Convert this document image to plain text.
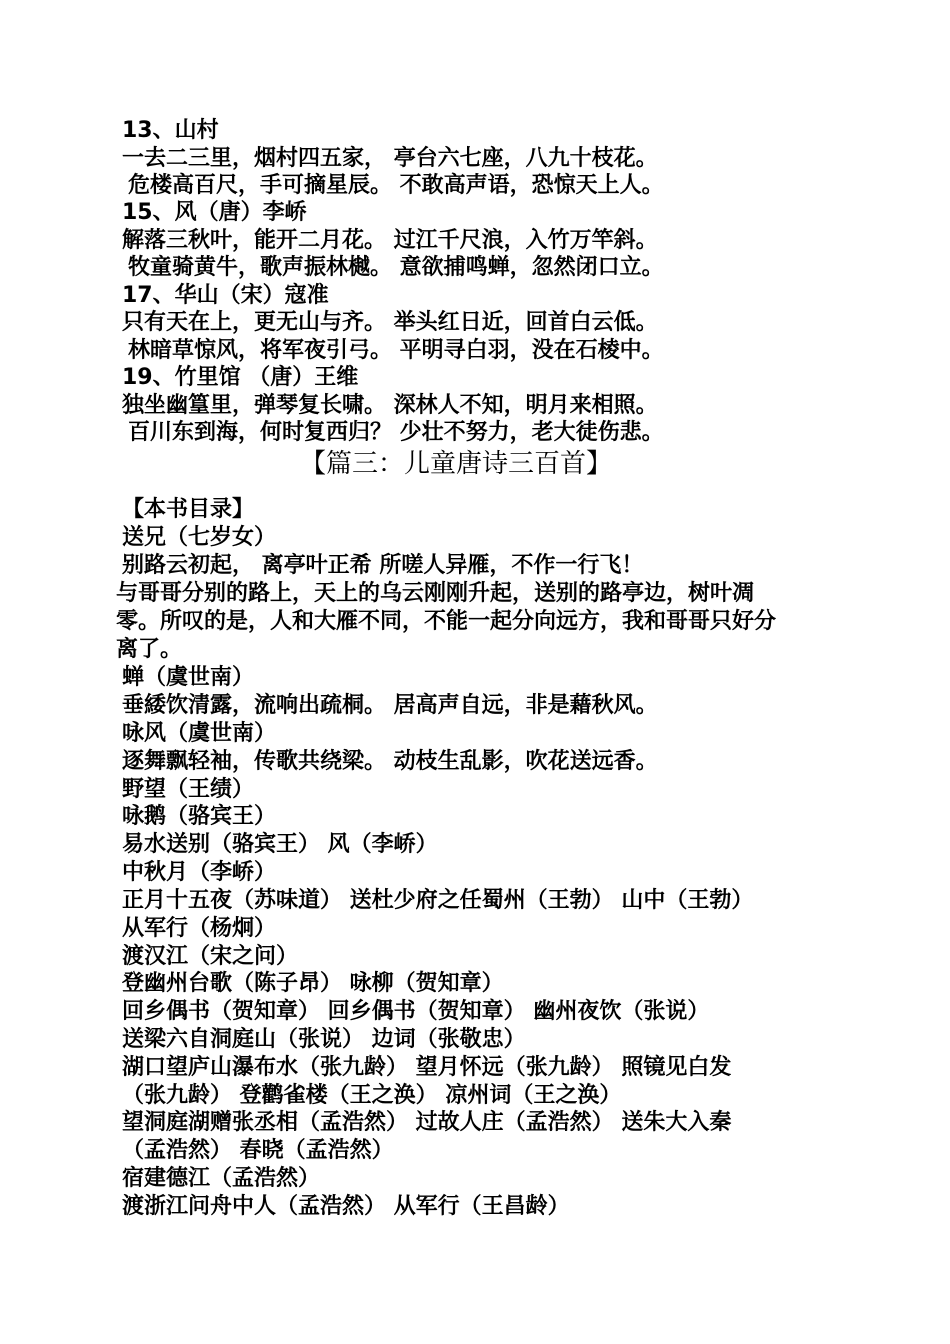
13、山村

一去二三里，烟村四五家， 亭台六七座，八九十枝花。

危楼高百尺，手可摘星辰。 不敢高声语，恐惊天上人。

15、风（唐）李峤

解落三秋叶，能开二月花。 过江千尺浪，入竹万竿斜。

牧童骑黄牛，歌声振林樾。 意欲捕鸣蝉，忽然闭口立。

17、华山（宋）寇准

只有天在上，更无山与齐。 举头红日近，回首白云低。

林暗草惊风，将军夜引弓。 平明寻白羽，没在石棱中。

19、竹里馆 （唐）王维

独坐幽篁里，弹琴复长啸。 深林人不知，明月来相照。

百川东到海，何时复西归？ 少壮不努力，老大徒伤悲。

【篇三：儿童唐诗三百首】

【本书目录】

送兄（七岁女）

别路云初起， 离亭叶正希 所嗟人异雁，不作一行飞！

与哥哥分别的路上，天上的乌云刚刚升起，送别的路亭边，树叶凋

零。所叹的是，人和大雁不同，不能一起分向远方，我和哥哥只好分

离了。

蝉（虞世南）

垂緌饮清露，流响出疏桐。 居高声自远，非是藉秋风。

咏风（虞世南）

逐舞飘轻袖，传歌共绕梁。 动枝生乱影，吹花送远香。

野望（王绩）

咏鹅（骆宾王）

易水送别（骆宾王） 风（李峤）

中秋月（李峤）

正月十五夜（苏味道） 送杜少府之任蜀州（王勃） 山中（王勃）

从军行（杨炯）

渡汉江（宋之问）

登幽州台歌（陈子昂） 咏柳（贺知章）

回乡偶书（贺知章） 回乡偶书（贺知章） 幽州夜饮（张说）

送梁六自洞庭山（张说） 边词（张敬忠）

湖口望庐山瀑布水（张九龄） 望月怀远（张九龄） 照镜见白发

（张九龄） 登鹳雀楼（王之涣） 凉州词（王之涣）

望洞庭湖赠张丞相（孟浩然） 过故人庄（孟浩然） 送朱大入秦

（孟浩然） 春晓（孟浩然）

宿建德江（孟浩然）

渡浙江问舟中人（孟浩然） 从军行（王昌龄）
